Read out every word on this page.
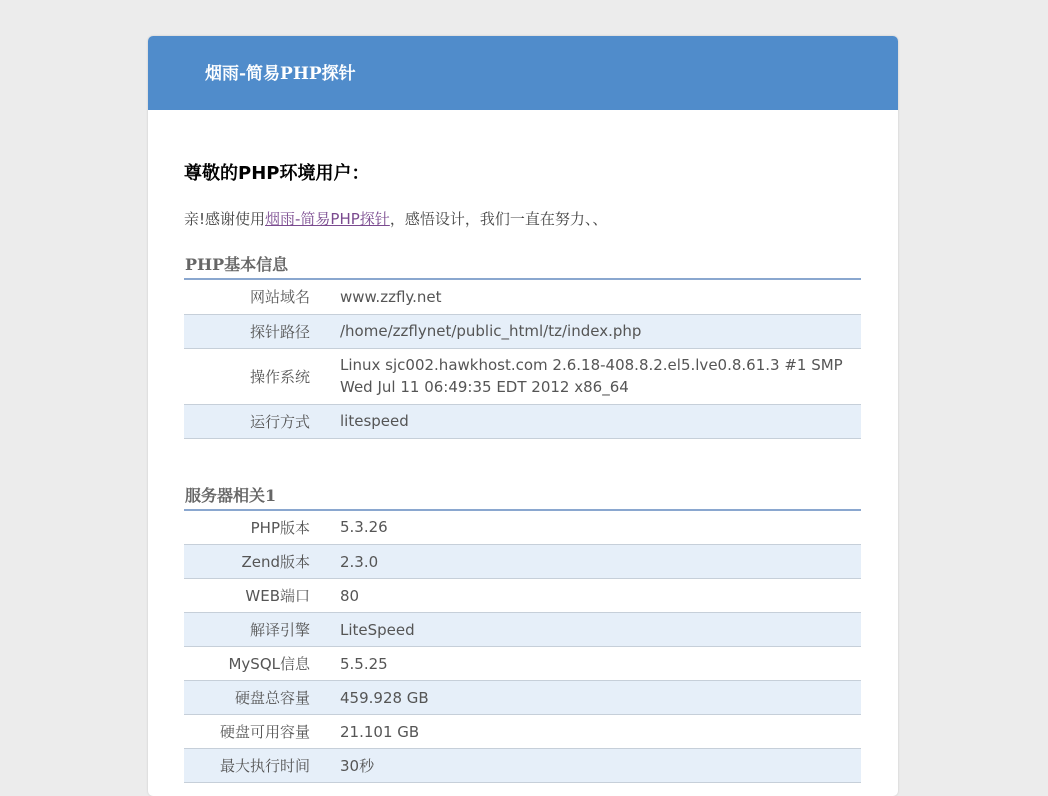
烟雨-简易PHP探针
尊敬的PHP环境用户：
亲!感谢使用烟雨-简易PHP探针，感悟设计，我们一直在努力、、
PHP基本信息
网站域名	www.zzfly.net
探针路径	/home/zzflynet/public_html/tz/index.php
操作系统	Linux sjc002.hawkhost.com 2.6.18-408.8.2.el5.lve0.8.61.3 #1 SMP Wed Jul 11 06:49:35 EDT 2012 x86_64
运行方式	litespeed
服务器相关1
PHP版本	5.3.26
Zend版本	2.3.0
WEB端口	80
解译引擎	LiteSpeed
MySQL信息	5.5.25
硬盘总容量	459.928 GB
硬盘可用容量	21.101 GB
最大执行时间	30秒
